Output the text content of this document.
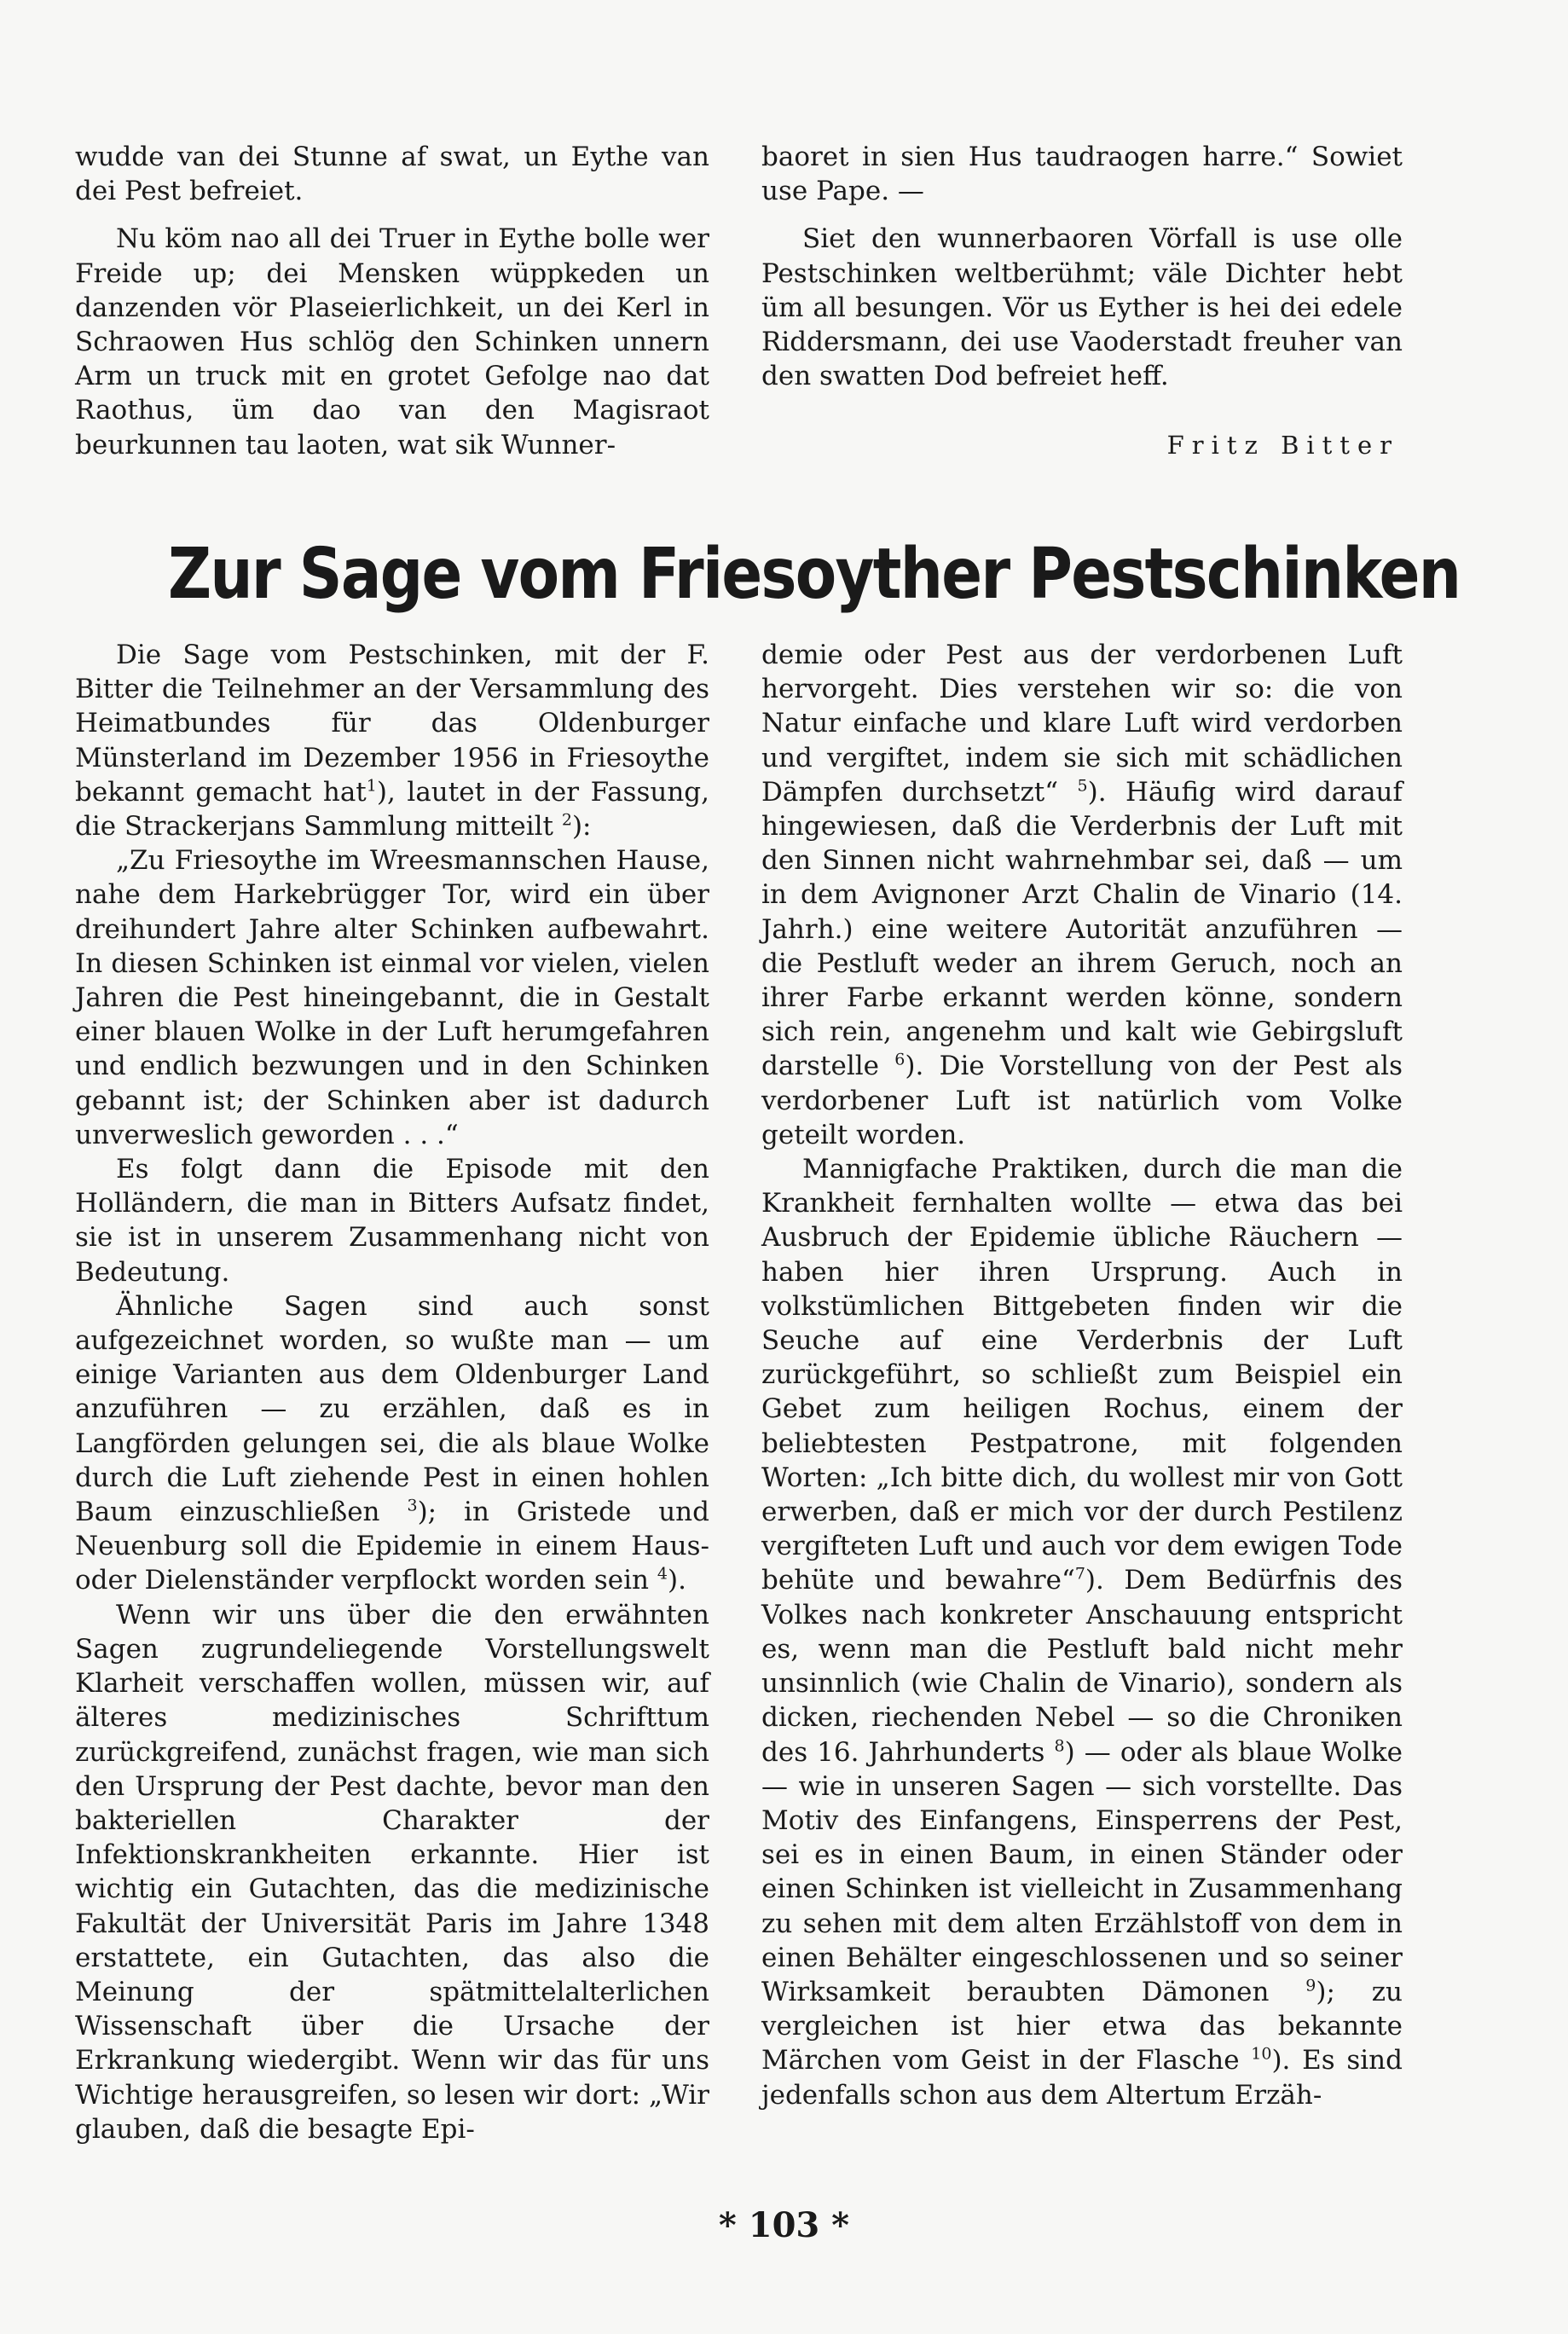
wudde van dei Stunne af swat, un Eythe van dei Pest befreiet.

Nu köm nao all dei Truer in Eythe bolle wer Freide up; dei Mensken wüppkeden un danzenden vör Plaseierlichkeit, un dei Kerl in Schraowen Hus schlög den Schinken unnern Arm un truck mit en grotet Gefolge nao dat Raothus, üm dao van den Magisraot beurkunnen tau laoten, wat sik Wunner-

baoret in sien Hus taudraogen harre.“ Sowiet use Pape. —

Siet den wunnerbaoren Vörfall is use olle Pestschinken weltberühmt; väle Dichter hebt üm all besungen. Vör us Eyther is hei dei edele Riddersmann, dei use Vaoderstadt freuher van den swatten Dod befreiet heff.

Fritz Bitter
Zur Sage vom Friesoyther Pestschinken

Die Sage vom Pestschinken, mit der F. Bitter die Teilnehmer an der Versammlung des Heimatbundes für das Oldenburger Münsterland im Dezember 1956 in Friesoythe bekannt gemacht hat$^1$), lautet in der Fassung, die Strackerjans Sammlung mitteilt $^2$):

„Zu Friesoythe im Wreesmannschen Hause, nahe dem Harkebrügger Tor, wird ein über dreihundert Jahre alter Schinken aufbewahrt. In diesen Schinken ist einmal vor vielen, vielen Jahren die Pest hineingebannt, die in Gestalt einer blauen Wolke in der Luft herumgefahren und endlich bezwungen und in den Schinken gebannt ist; der Schinken aber ist dadurch unverweslich geworden . . .“

Es folgt dann die Episode mit den Holländern, die man in Bitters Aufsatz findet, sie ist in unserem Zusammenhang nicht von Bedeutung.

Ähnliche Sagen sind auch sonst aufgezeichnet worden, so wußte man — um einige Varianten aus dem Oldenburger Land anzuführen — zu erzählen, daß es in Langförden gelungen sei, die als blaue Wolke durch die Luft ziehende Pest in einen hohlen Baum einzuschließen $^3$); in Gristede und Neuenburg soll die Epidemie in einem Haus- oder Dielenständer verpflockt worden sein $^4$).

Wenn wir uns über die den erwähnten Sagen zugrundeliegende Vorstellungswelt Klarheit verschaffen wollen, müssen wir, auf älteres medizinisches Schrifttum zurückgreifend, zunächst fragen, wie man sich den Ursprung der Pest dachte, bevor man den bakteriellen Charakter der Infektionskrankheiten erkannte. Hier ist wichtig ein Gutachten, das die medizinische Fakultät der Universität Paris im Jahre 1348 erstattete, ein Gutachten, das also die Meinung der spätmittelalterlichen Wissenschaft über die Ursache der Erkrankung wiedergibt. Wenn wir das für uns Wichtige herausgreifen, so lesen wir dort: „Wir glauben, daß die besagte Epi-

demie oder Pest aus der verdorbenen Luft hervorgeht. Dies verstehen wir so: die von Natur einfache und klare Luft wird verdorben und vergiftet, indem sie sich mit schädlichen Dämpfen durchsetzt“ $^5$). Häufig wird darauf hingewiesen, daß die Verderbnis der Luft mit den Sinnen nicht wahrnehmbar sei, daß — um in dem Avignoner Arzt Chalin de Vinario (14. Jahrh.) eine weitere Autorität anzuführen — die Pestluft weder an ihrem Geruch, noch an ihrer Farbe erkannt werden könne, sondern sich rein, angenehm und kalt wie Gebirgsluft darstelle $^6$). Die Vorstellung von der Pest als verdorbener Luft ist natürlich vom Volke geteilt worden.

Mannigfache Praktiken, durch die man die Krankheit fernhalten wollte — etwa das bei Ausbruch der Epidemie übliche Räuchern — haben hier ihren Ursprung. Auch in volkstümlichen Bittgebeten finden wir die Seuche auf eine Verderbnis der Luft zurückgeführt, so schließt zum Beispiel ein Gebet zum heiligen Rochus, einem der beliebtesten Pestpatrone, mit folgenden Worten: „Ich bitte dich, du wollest mir von Gott erwerben, daß er mich vor der durch Pestilenz vergifteten Luft und auch vor dem ewigen Tode behüte und bewahre“$^7$). Dem Bedürfnis des Volkes nach konkreter Anschauung entspricht es, wenn man die Pestluft bald nicht mehr unsinnlich (wie Chalin de Vinario), sondern als dicken, riechenden Nebel — so die Chroniken des 16. Jahrhunderts $^8$) — oder als blaue Wolke — wie in unseren Sagen — sich vorstellte. Das Motiv des Einfangens, Einsperrens der Pest, sei es in einen Baum, in einen Ständer oder einen Schinken ist vielleicht in Zusammenhang zu sehen mit dem alten Erzählstoff von dem in einen Behälter eingeschlossenen und so seiner Wirksamkeit beraubten Dämonen $^9$); zu vergleichen ist hier etwa das bekannte Märchen vom Geist in der Flasche $^{10}$). Es sind jedenfalls schon aus dem Altertum Erzäh-

* 103 *
